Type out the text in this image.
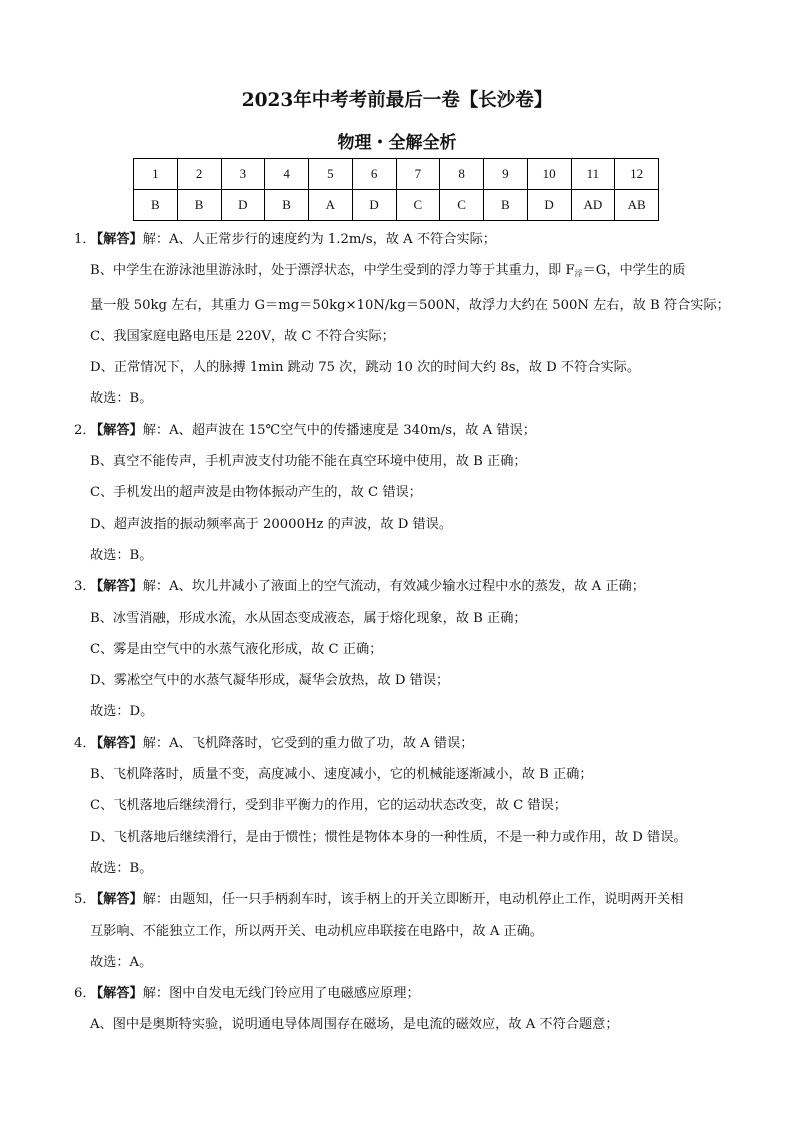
2023年中考考前最后一卷【长沙卷】
物理・全解全析
1	2	3	4	5	6	7	8	9	10	11	12
B	B	D	B	A	D	C	C	B	D	AD	AB
1．【解答】解：A、人正常步行的速度约为 1.2m/s，故 A 不符合实际；
B、中学生在游泳池里游泳时，处于漂浮状态，中学生受到的浮力等于其重力，即 $F_浮=G$，中学生的质
量一般 50kg 左右，其重力 G＝mg＝50kg×10N/kg＝500N，故浮力大约在 500N 左右，故 B 符合实际；
C、我国家庭电路电压是 220V，故 C 不符合实际；
D、正常情况下，人的脉搏 1min 跳动 75 次，跳动 10 次的时间大约 8s，故 D 不符合实际。
故选：B。
2．【解答】解：A、超声波在 15℃空气中的传播速度是 340m/s，故 A 错误；
B、真空不能传声，手机声波支付功能不能在真空环境中使用，故 B 正确；
C、手机发出的超声波是由物体振动产生的，故 C 错误；
D、超声波指的振动频率高于 20000Hz 的声波，故 D 错误。
故选：B。
3．【解答】解：A、坎儿井减小了液面上的空气流动，有效减少输水过程中水的蒸发，故 A 正确；
B、冰雪消融，形成水流，水从固态变成液态，属于熔化现象，故 B 正确；
C、雾是由空气中的水蒸气液化形成，故 C 正确；
D、雾凇空气中的水蒸气凝华形成，凝华会放热，故 D 错误；
故选：D。
4．【解答】解：A、飞机降落时，它受到的重力做了功，故 A 错误；
B、飞机降落时，质量不变，高度减小、速度减小，它的机械能逐渐减小，故 B 正确；
C、飞机落地后继续滑行，受到非平衡力的作用，它的运动状态改变，故 C 错误；
D、飞机落地后继续滑行，是由于惯性；惯性是物体本身的一种性质，不是一种力或作用，故 D 错误。
故选：B。
5．【解答】解：由题知，任一只手柄刹车时，该手柄上的开关立即断开，电动机停止工作，说明两开关相
互影响、不能独立工作，所以两开关、电动机应串联接在电路中，故 A 正确。
故选：A。
6．【解答】解：图中自发电无线门铃应用了电磁感应原理；
A、图中是奥斯特实验，说明通电导体周围存在磁场，是电流的磁效应，故 A 不符合题意；
